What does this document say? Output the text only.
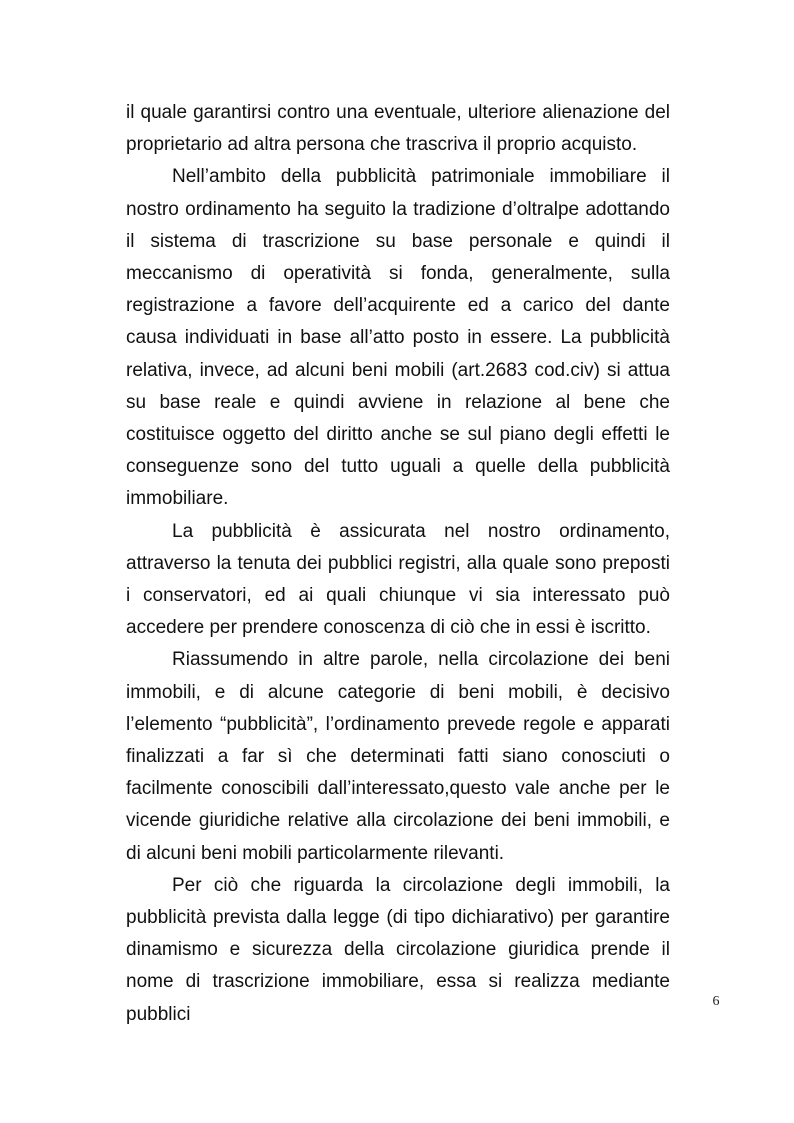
il quale garantirsi contro una eventuale, ulteriore alienazione del proprietario ad altra persona che trascriva il proprio acquisto.

Nell’ambito della pubblicità patrimoniale immobiliare il nostro ordinamento ha seguito la tradizione d’oltralpe adottando il sistema di trascrizione su base personale e quindi il meccanismo di operatività si fonda, generalmente, sulla registrazione a favore dell’acquirente ed a carico del dante causa individuati in base all’atto posto in essere. La pubblicità relativa, invece, ad alcuni beni mobili (art.2683 cod.civ) si attua su base reale e quindi avviene in relazione al bene che costituisce oggetto del diritto anche se sul piano degli effetti le conseguenze sono del tutto uguali a quelle della pubblicità immobiliare.

La pubblicità è assicurata nel nostro ordinamento, attraverso la tenuta dei pubblici registri, alla quale sono preposti i conservatori, ed ai quali chiunque vi sia interessato può accedere per prendere conoscenza di ciò che in essi è iscritto.

Riassumendo in altre parole, nella circolazione dei beni immobili, e di alcune categorie di beni mobili, è decisivo l’elemento “pubblicità”, l’ordinamento prevede regole e apparati finalizzati a far sì che determinati fatti siano conosciuti o facilmente conoscibili dall’interessato,questo vale anche per le vicende giuridiche relative alla circolazione dei beni immobili, e di alcuni beni mobili particolarmente rilevanti.

Per ciò che riguarda la circolazione degli immobili, la pubblicità prevista dalla legge (di tipo dichiarativo) per garantire dinamismo e sicurezza della circolazione giuridica prende il nome di trascrizione immobiliare, essa si realizza mediante pubblici

6
